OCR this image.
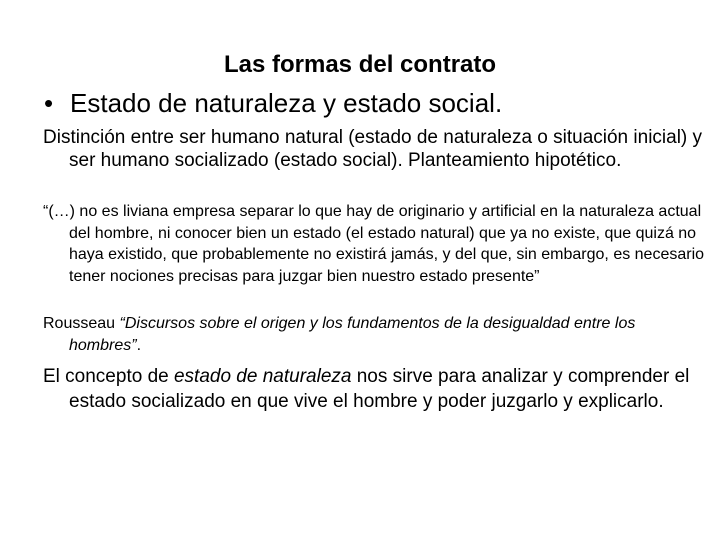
Las formas del contrato
• Estado de naturaleza y estado social.
Distinción entre ser humano natural (estado de naturaleza o situación inicial) y ser humano socializado (estado social). Planteamiento hipotético.
“(…) no es liviana empresa separar lo que hay de originario y artificial en la naturaleza actual del hombre, ni conocer bien un estado (el estado natural) que ya no existe, que quizá no haya existido, que probablemente no existirá jamás, y del que, sin embargo, es necesario tener nociones precisas para juzgar bien nuestro estado presente”
Rousseau “Discursos sobre el origen y los fundamentos de la desigualdad entre los hombres”.
El concepto de estado de naturaleza nos sirve para analizar y comprender el estado socializado en que vive el hombre y poder juzgarlo y explicarlo.
